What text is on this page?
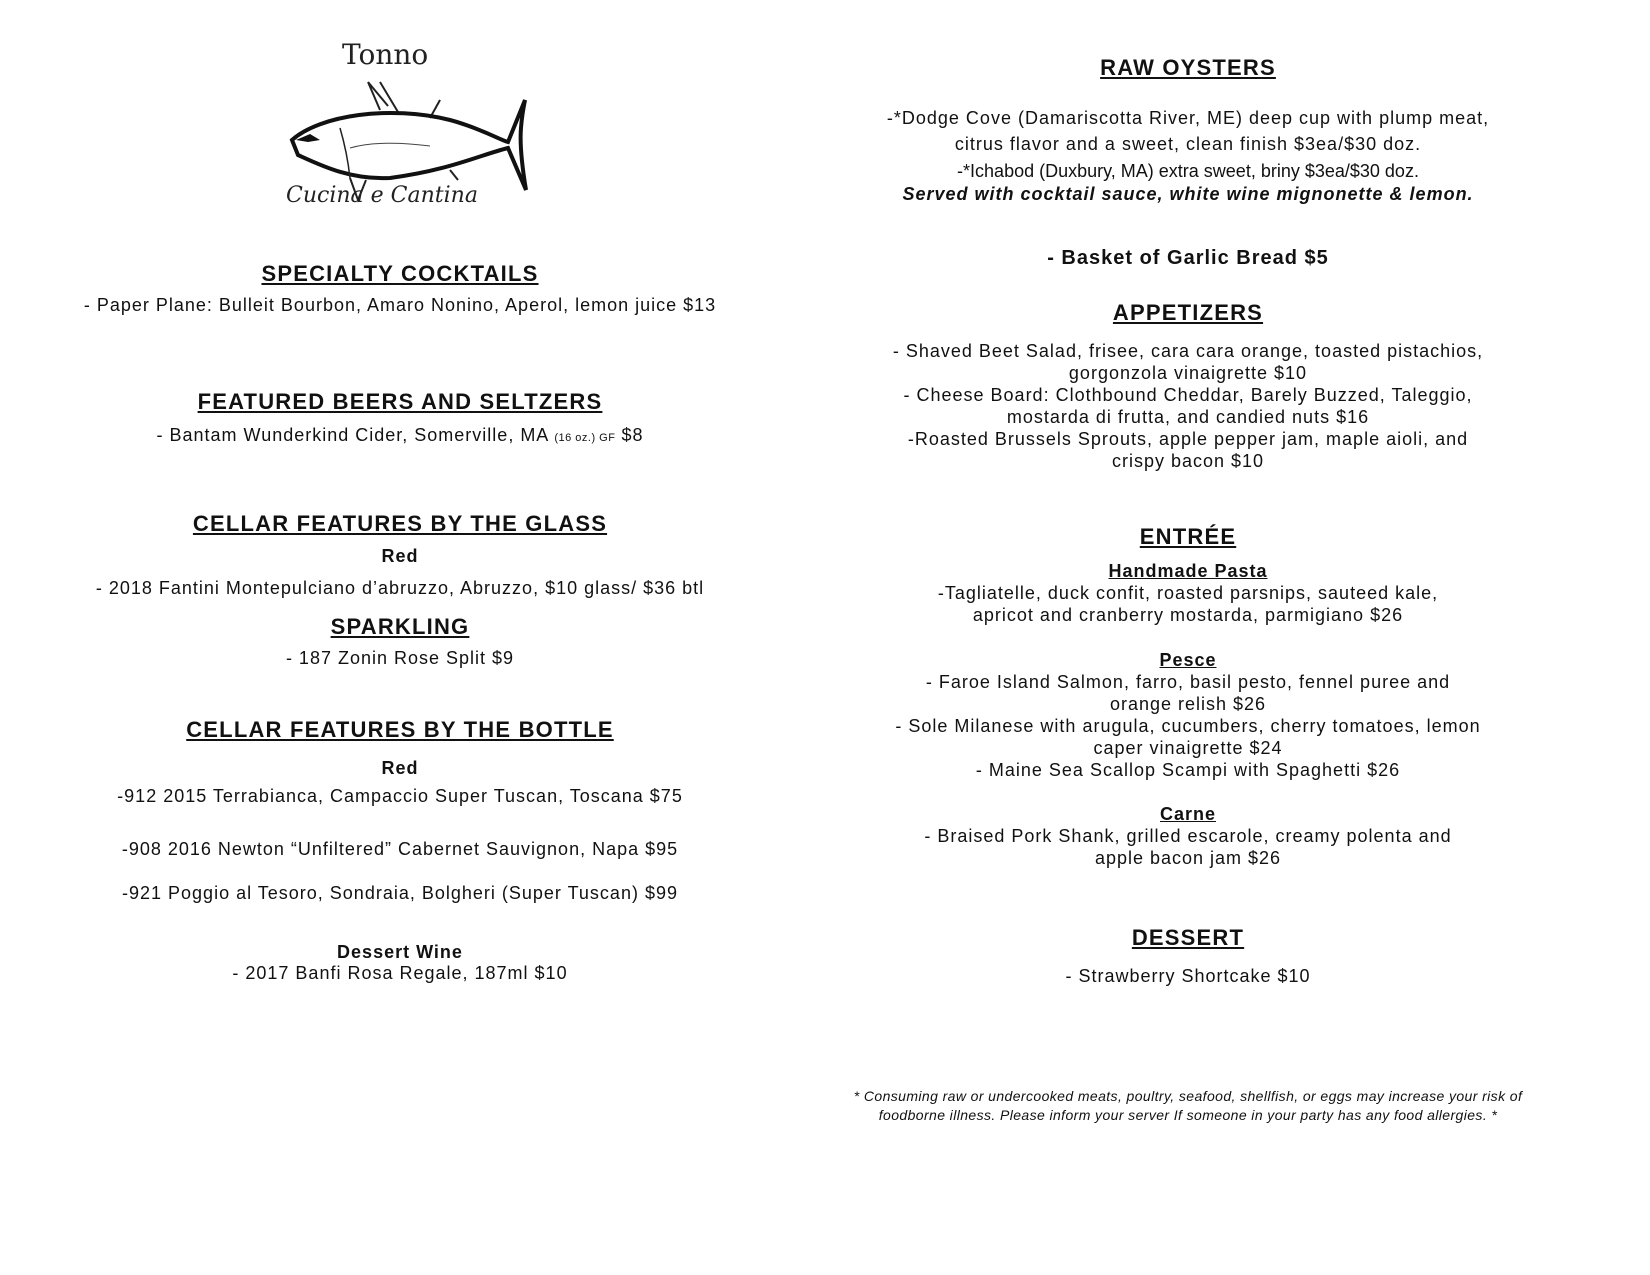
Tonno
Cucina e Cantina
SPECIALTY COCKTAILS
- Paper Plane: Bulleit Bourbon, Amaro Nonino, Aperol, lemon juice $13
FEATURED BEERS AND SELTZERS
- Bantam Wunderkind Cider, Somerville, MA (16 oz.) GF $8
CELLAR FEATURES BY THE GLASS
Red
- 2018 Fantini Montepulciano d’abruzzo, Abruzzo, $10 glass/ $36 btl
SPARKLING
- 187 Zonin Rose Split $9
CELLAR FEATURES BY THE BOTTLE
Red
-912 2015 Terrabianca, Campaccio Super Tuscan, Toscana $75
-908 2016 Newton “Unfiltered” Cabernet Sauvignon, Napa $95
-921 Poggio al Tesoro, Sondraia, Bolgheri (Super Tuscan) $99
Dessert Wine
- 2017 Banfi Rosa Regale, 187ml $10
RAW OYSTERS
-*Dodge Cove (Damariscotta River, ME) deep cup with plump meat,
citrus flavor and a sweet, clean finish $3ea/$30 doz.
-*Ichabod (Duxbury, MA) extra sweet, briny $3ea/$30 doz.
Served with cocktail sauce, white wine mignonette & lemon.
- Basket of Garlic Bread $5
APPETIZERS
- Shaved Beet Salad, frisee, cara cara orange, toasted pistachios,
gorgonzola vinaigrette $10
- Cheese Board: Clothbound Cheddar, Barely Buzzed, Taleggio,
mostarda di frutta, and candied nuts $16
-Roasted Brussels Sprouts, apple pepper jam, maple aioli, and
crispy bacon $10
ENTRÉE
Handmade Pasta
-Tagliatelle, duck confit, roasted parsnips, sauteed kale,
apricot and cranberry mostarda, parmigiano $26
Pesce
- Faroe Island Salmon, farro, basil pesto, fennel puree and
orange relish $26
- Sole Milanese with arugula, cucumbers, cherry tomatoes, lemon
caper vinaigrette $24
- Maine Sea Scallop Scampi with Spaghetti $26
Carne
- Braised Pork Shank, grilled escarole, creamy polenta and
apple bacon jam $26
DESSERT
- Strawberry Shortcake $10
* Consuming raw or undercooked meats, poultry, seafood, shellfish, or eggs may increase your risk of foodborne illness. Please inform your server If someone in your party has any food allergies. *
